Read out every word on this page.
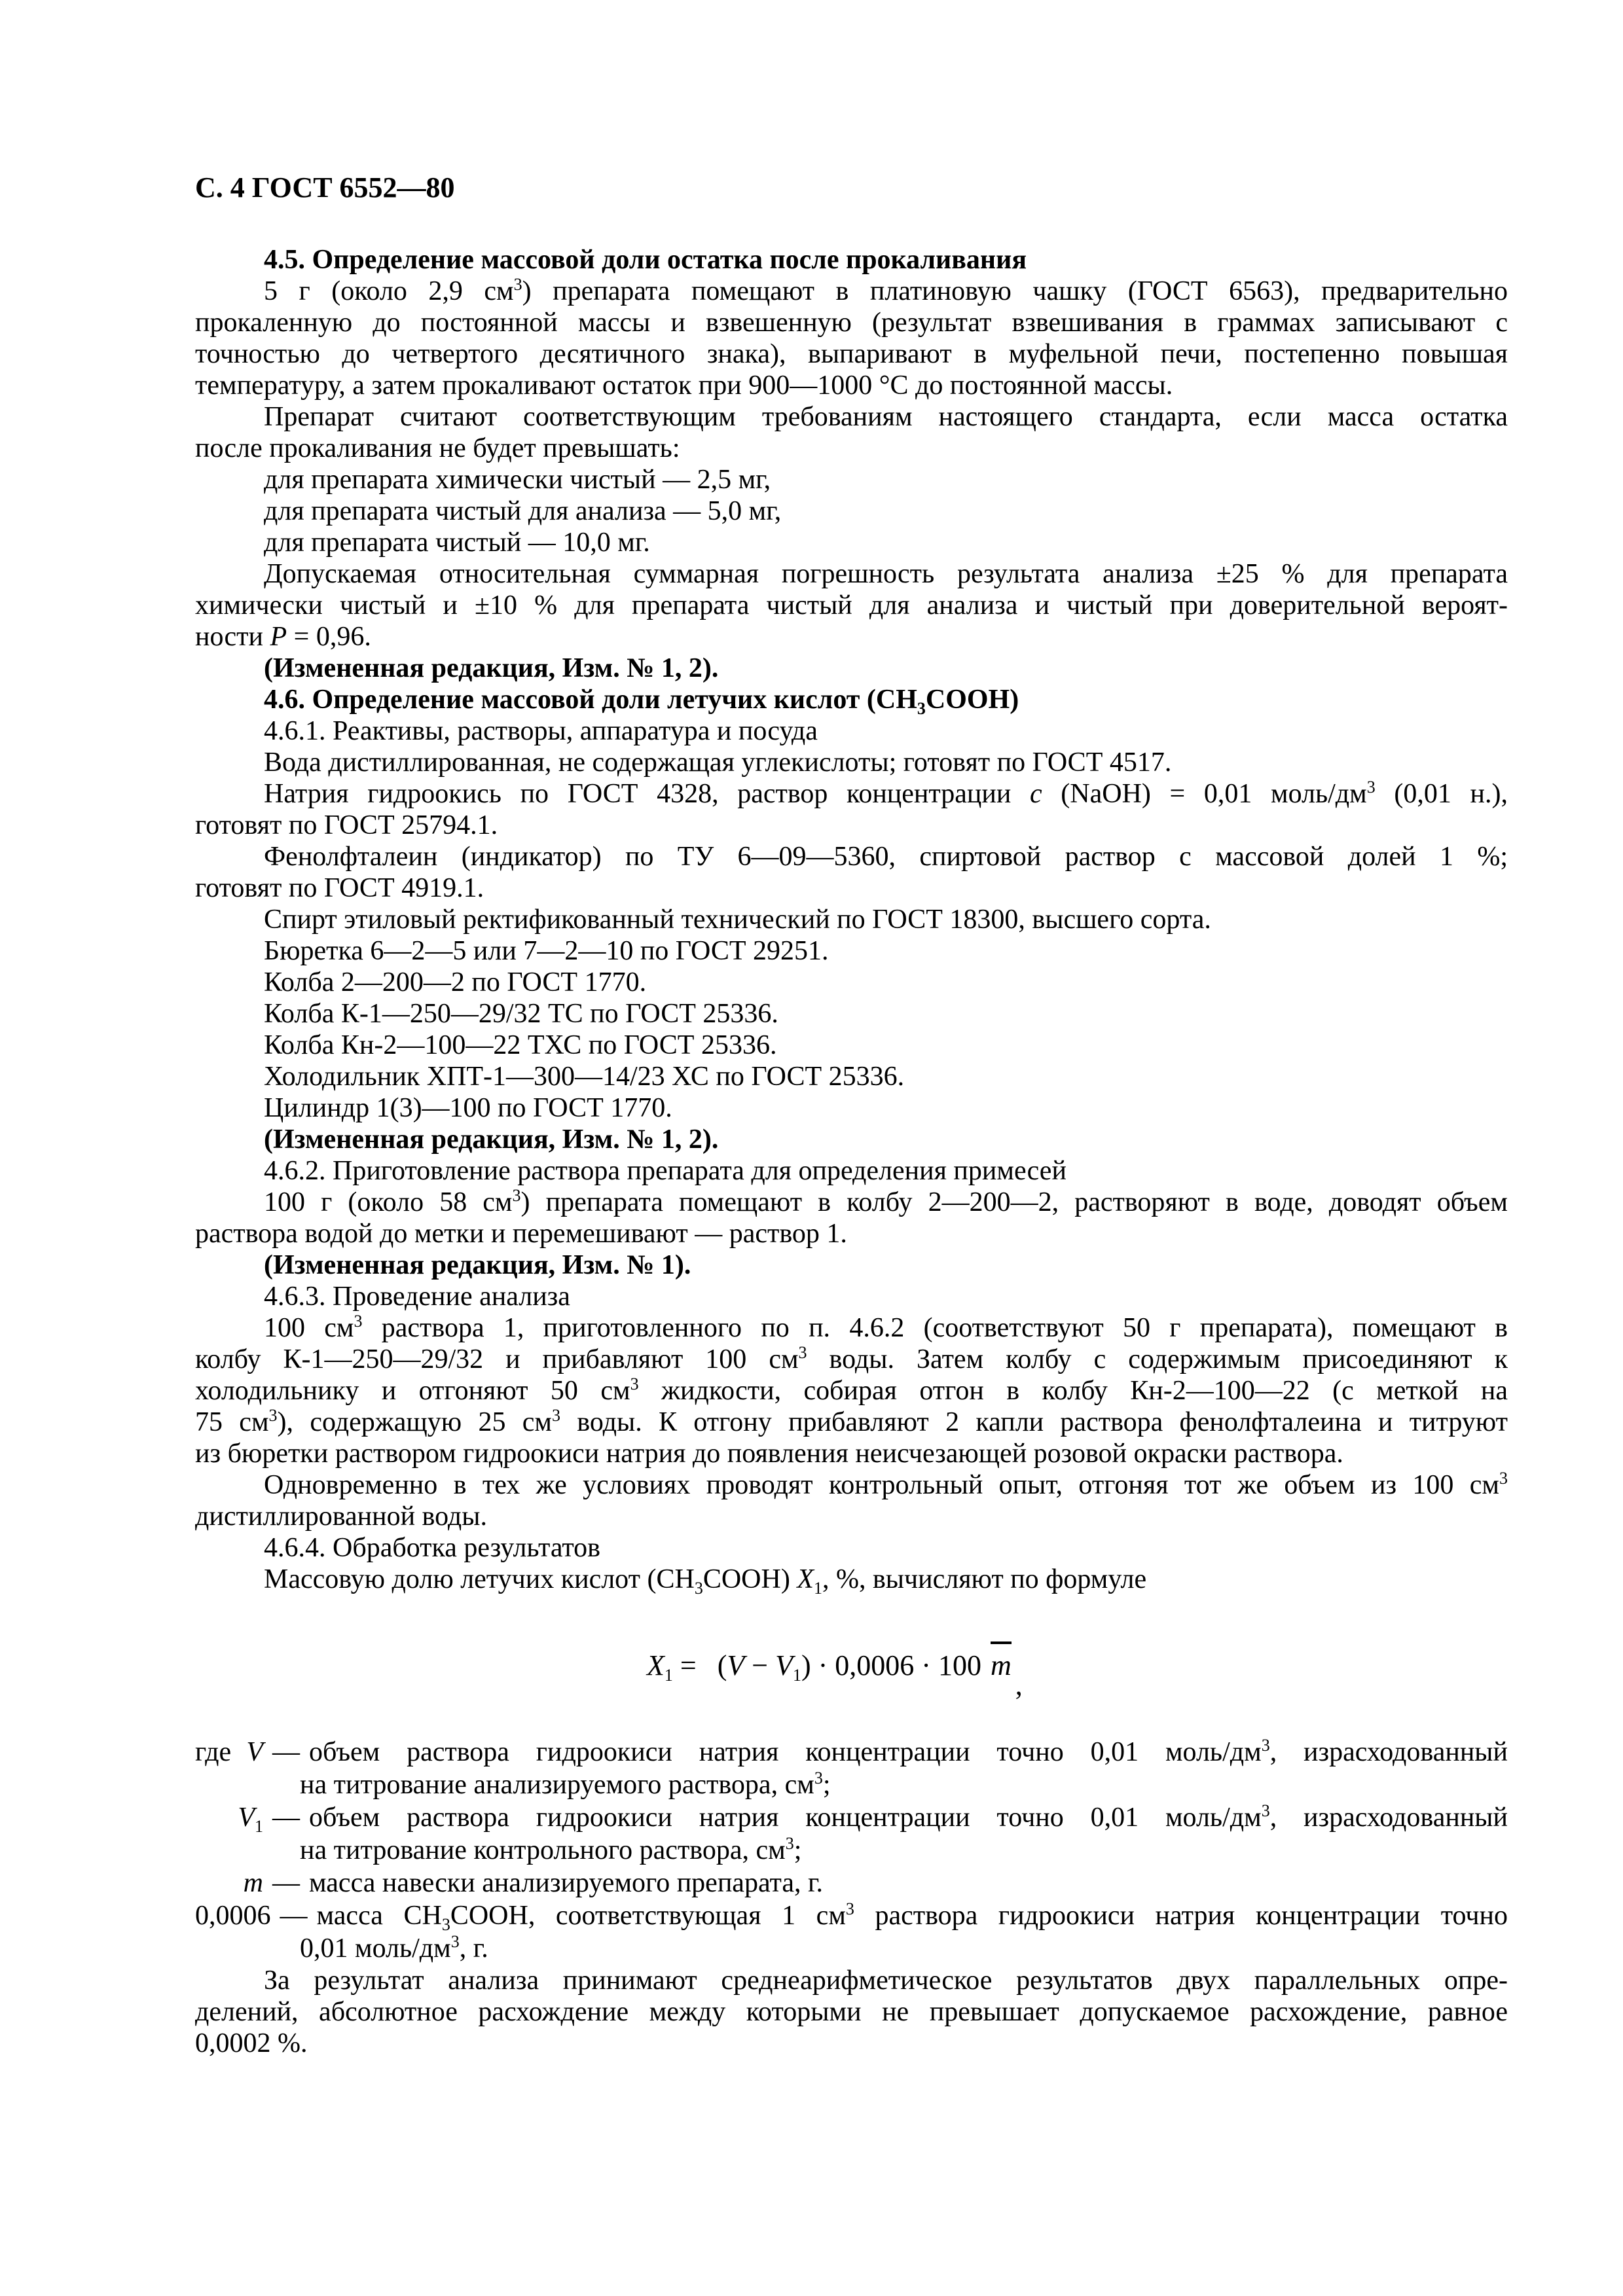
С. 4 ГОСТ 6552—80
4.5. Определение массовой доли остатка после прокаливания
5 г (около 2,9 $см^3$) препарата помещают в платиновую чашку (ГОСТ 6563), предварительно
прокаленную до постоянной массы и взвешенную (результат взвешивания в граммах записывают с
точностью до четвертого десятичного знака), выпаривают в муфельной печи, постепенно повышая
температуру, а затем прокаливают остаток при 900—1000 °С до постоянной массы.
Препарат считают соответствующим требованиям настоящего стандарта, если масса остатка
после прокаливания не будет превышать:
для препарата химически чистый — 2,5 мг,
для препарата чистый для анализа — 5,0 мг,
для препарата чистый — 10,0 мг.
Допускаемая относительная суммарная погрешность результата анализа ±25 % для препарата
химически чистый и ±10 % для препарата чистый для анализа и чистый при доверительной вероят-
ности Р = 0,96.
(Измененная редакция, Изм. № 1, 2).
4.6. Определение массовой доли летучих кислот $(СН_3СООН)$
4.6.1. Реактивы, растворы, аппаратура и посуда
Вода дистиллированная, не содержащая углекислоты; готовят по ГОСТ 4517.
Натрия гидроокись по ГОСТ 4328, раствор концентрации с (NaOH) = 0,01 моль/$дм^3$ (0,01 н.),
готовят по ГОСТ 25794.1.
Фенолфталеин (индикатор) по ТУ 6—09—5360, спиртовой раствор с массовой долей 1 %;
готовят по ГОСТ 4919.1.
Спирт этиловый ректификованный технический по ГОСТ 18300, высшего сорта.
Бюретка 6—2—5 или 7—2—10 по ГОСТ 29251.
Колба 2—200—2 по ГОСТ 1770.
Колба К-1—250—29/32 ТС по ГОСТ 25336.
Колба Кн-2—100—22 ТХС по ГОСТ 25336.
Холодильник ХПТ-1—300—14/23 ХС по ГОСТ 25336.
Цилиндр 1(3)—100 по ГОСТ 1770.
(Измененная редакция, Изм. № 1, 2).
4.6.2. Приготовление раствора препарата для определения примесей
100 г (около 58 $см^3$) препарата помещают в колбу 2—200—2, растворяют в воде, доводят объем
раствора водой до метки и перемешивают — раствор 1.
(Измененная редакция, Изм. № 1).
4.6.3. Проведение анализа
100 $см^3$ раствора 1, приготовленного по п. 4.6.2 (соответствуют 50 г препарата), помещают в
колбу К-1—250—29/32 и прибавляют 100 $см^3$ воды. Затем колбу с содержимым присоединяют к
холодильнику и отгоняют 50 $см^3$ жидкости, собирая отгон в колбу Кн-2—100—22 (с меткой на
75 $см^3$), содержащую 25 $см^3$ воды. К отгону прибавляют 2 капли раствора фенолфталеина и титруют
из бюретки раствором гидроокиси натрия до появления неисчезающей розовой окраски раствора.
Одновременно в тех же условиях проводят контрольный опыт, отгоняя тот же объем из 100 $см^3$
дистиллированной воды.
4.6.4. Обработка результатов
Массовую долю летучих кислот $(СН_3СООН)$ $Х_1$, %, вычисляют по формуле
$X_1 = (V - V_1) \cdot 0,0006 \cdot 100$ m
,
где V — объем раствора гидроокиси натрия концентрации точно 0,01 моль/$дм^3$, израсходованный
на титрование анализируемого раствора, $см^3$;
$V_1$ — объем раствора гидроокиси натрия концентрации точно 0,01 моль/$дм^3$, израсходованный
на титрование контрольного раствора, $см^3$;
m — масса навески анализируемого препарата, г.
0,0006 — масса $СН_3СООН$, соответствующая 1 $см^3$ раствора гидроокиси натрия концентрации точно
0,01 моль/$дм^3$, г.
За результат анализа принимают среднеарифметическое результатов двух параллельных опре-
делений, абсолютное расхождение между которыми не превышает допускаемое расхождение, равное
0,0002 %.
